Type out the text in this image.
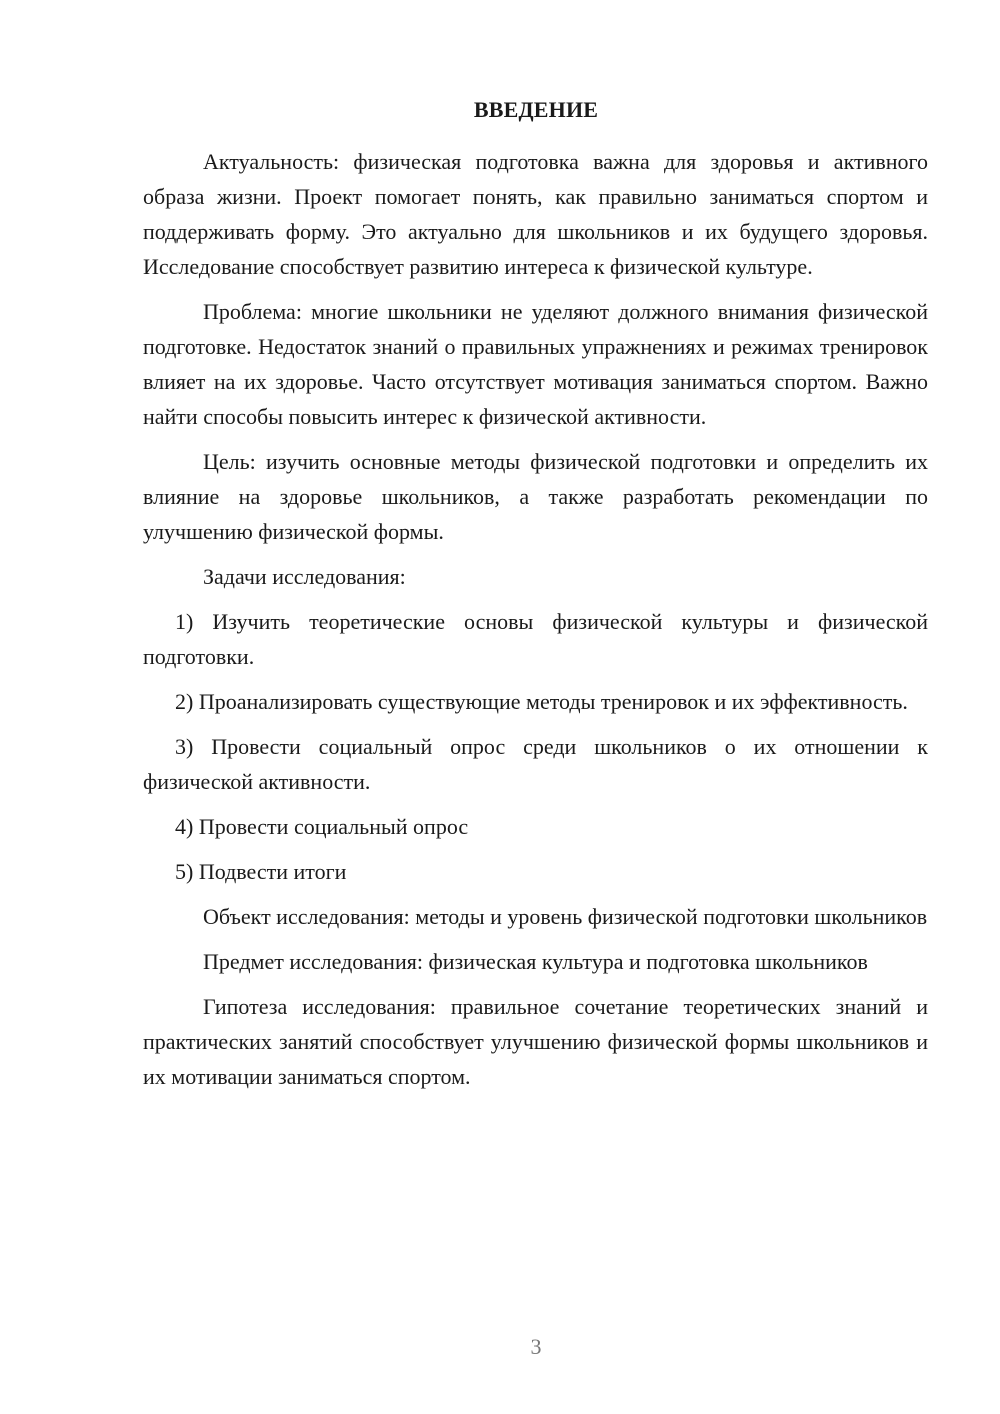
ВВЕДЕНИЕ

Актуальность: физическая подготовка важна для здоровья и активного образа жизни. Проект помогает понять, как правильно заниматься спортом и поддерживать форму. Это актуально для школьников и их будущего здоровья. Исследование способствует развитию интереса к физической культуре.

Проблема: многие школьники не уделяют должного внимания физической подготовке. Недостаток знаний о правильных упражнениях и режимах тренировок влияет на их здоровье. Часто отсутствует мотивация заниматься спортом. Важно найти способы повысить интерес к физической активности.

Цель: изучить основные методы физической подготовки и определить их влияние на здоровье школьников, а также разработать рекомендации по улучшению физической формы.

Задачи исследования:

1) Изучить теоретические основы физической культуры и физической подготовки.

2) Проанализировать существующие методы тренировок и их эффективность.

3) Провести социальный опрос среди школьников о их отношении к физической активности.

4) Провести социальный опрос

5) Подвести итоги

Объект исследования: методы и уровень физической подготовки школьников

Предмет исследования: физическая культура и подготовка школьников

Гипотеза исследования: правильное сочетание теоретических знаний и практических занятий способствует улучшению физической формы школьников и их мотивации заниматься спортом.

3
